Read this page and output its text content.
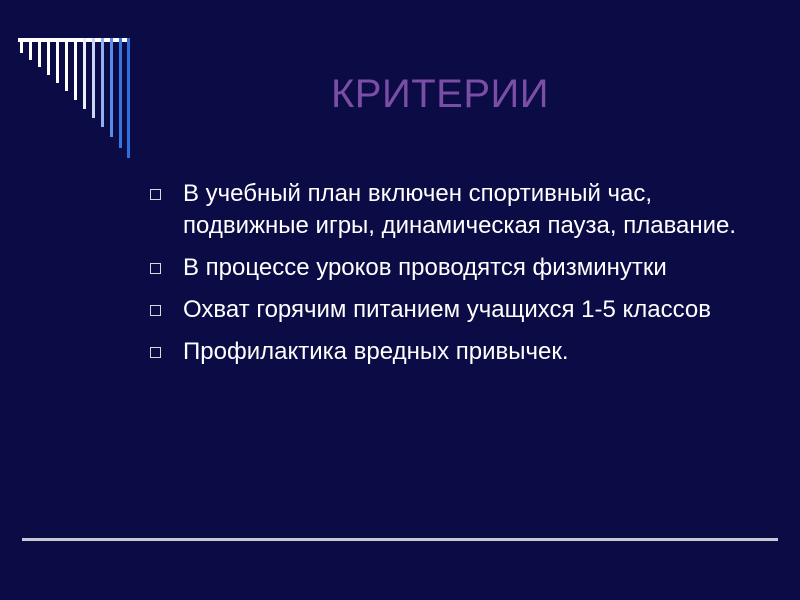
КРИТЕРИИ
В учебный план включен спортивный час, подвижные игры, динамическая пауза, плавание.
В процессе уроков проводятся физминутки
Охват горячим питанием учащихся 1-5 классов
Профилактика вредных привычек.
